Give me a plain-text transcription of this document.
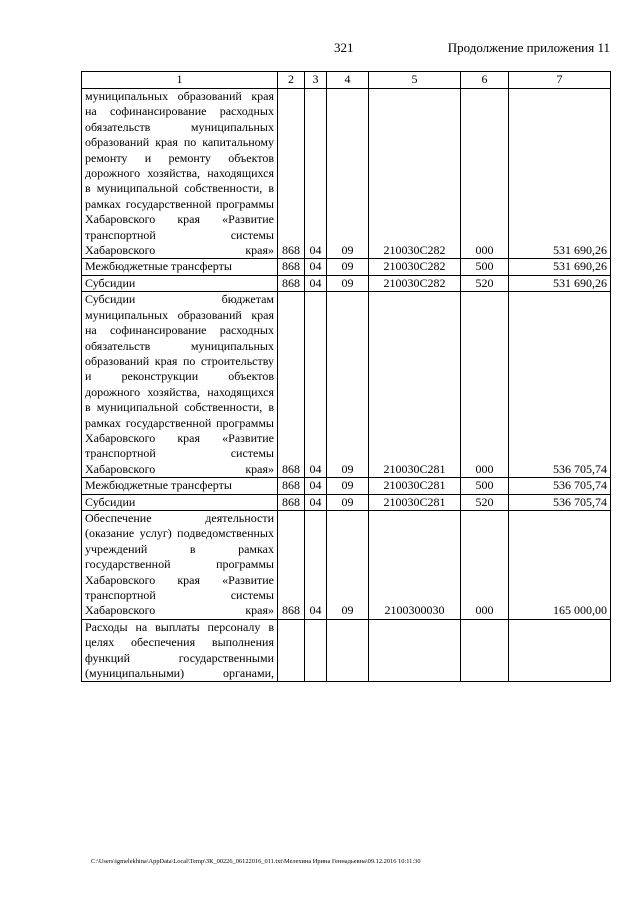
321	Продолжение приложения 11
1	2	3	4	5	6	7
муниципальных образований края на софинансирование расходных обязательств муниципальных образований края по капитальному ремонту и ремонту объектов дорожного хозяйства, находящихся в муниципальной собственности, в рамках государственной программы Хабаровского края «Развитие транспортной системы Хабаровского края»	868	04	09	210030С282	000	531 690,26
Межбюджетные трансферты	868	04	09	210030С282	500	531 690,26
Субсидии	868	04	09	210030С282	520	531 690,26
Субсидии бюджетам муниципальных образований края на софинансирование расходных обязательств муниципальных образований края по строительству и реконструкции объектов дорожного хозяйства, находящихся в муниципальной собственности, в рамках государственной программы Хабаровского края «Развитие транспортной системы Хабаровского края»	868	04	09	210030С281	000	536 705,74
Межбюджетные трансферты	868	04	09	210030С281	500	536 705,74
Субсидии	868	04	09	210030С281	520	536 705,74
Обеспечение деятельности (оказание услуг) подведомственных учреждений в рамках государственной программы Хабаровского края «Развитие транспортной системы Хабаровского края»	868	04	09	2100300030	000	165 000,00
Расходы на выплаты персоналу в целях обеспечения выполнения функций государственными (муниципальными) органами,						
C:\Users\igmelekhina\AppData\Local\Temp\ЗК_00226_06122016_011.txt\Мелехина Ирина Геннадьевна\09.12.2016 10:11:30
